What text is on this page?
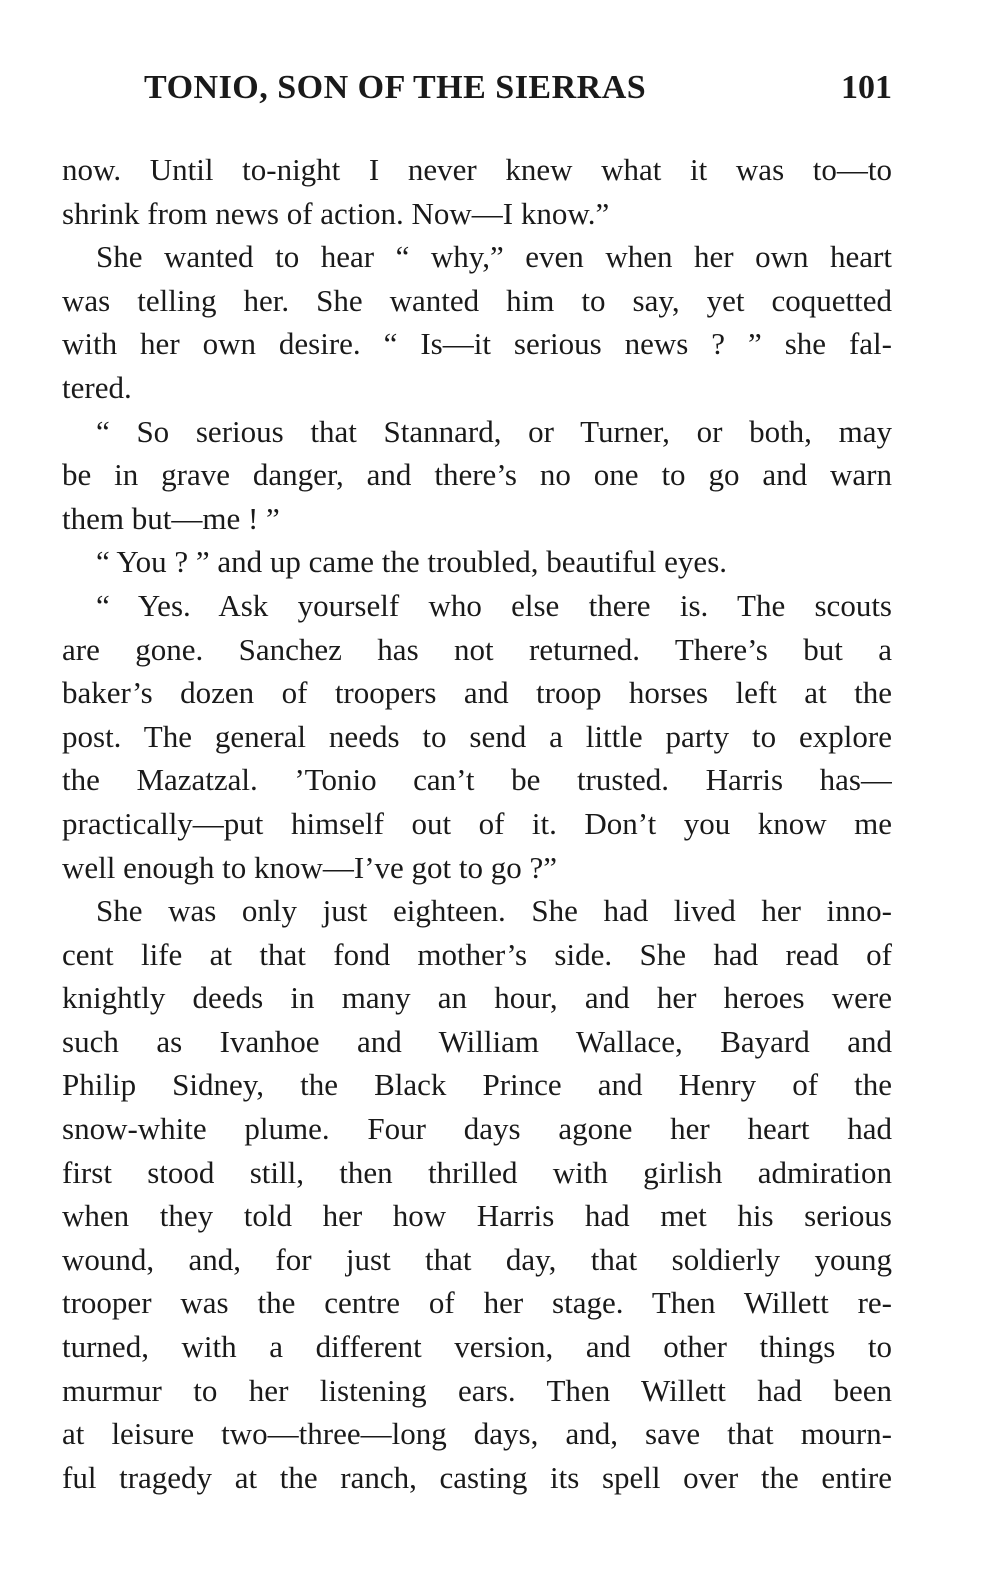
TONIO, SON OF THE SIERRAS	101
now. Until to-night I never knew what it was to—to
shrink from news of action. Now—I know.”
She wanted to hear “ why,” even when her own heart
was telling her. She wanted him to say, yet coquetted
with her own desire. “ Is—it serious news ? ” she fal-
tered.
“ So serious that Stannard, or Turner, or both, may
be in grave danger, and there’s no one to go and warn
them but—me ! ”
“ You ? ” and up came the troubled, beautiful eyes.
“ Yes. Ask yourself who else there is. The scouts
are gone. Sanchez has not returned. There’s but a
baker’s dozen of troopers and troop horses left at the
post. The general needs to send a little party to explore
the Mazatzal. ’Tonio can’t be trusted. Harris has—
practically—put himself out of it. Don’t you know me
well enough to know—I’ve got to go ?”
She was only just eighteen. She had lived her inno-
cent life at that fond mother’s side. She had read of
knightly deeds in many an hour, and her heroes were
such as Ivanhoe and William Wallace, Bayard and
Philip Sidney, the Black Prince and Henry of the
snow-white plume. Four days agone her heart had
first stood still, then thrilled with girlish admiration
when they told her how Harris had met his serious
wound, and, for just that day, that soldierly young
trooper was the centre of her stage. Then Willett re-
turned, with a different version, and other things to
murmur to her listening ears. Then Willett had been
at leisure two—three—long days, and, save that mourn-
ful tragedy at the ranch, casting its spell over the entire
